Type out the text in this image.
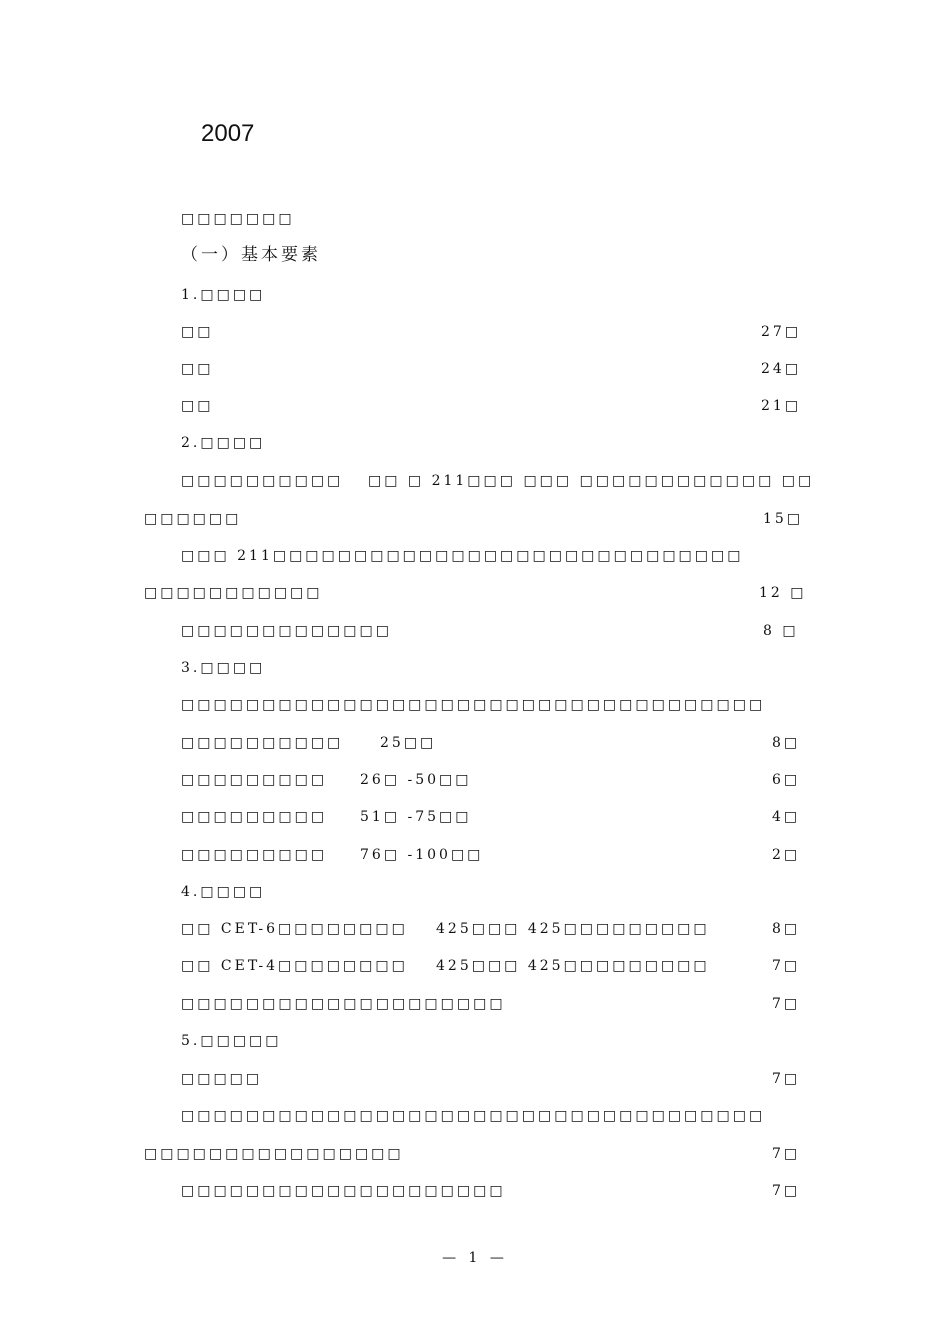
2007
□□□□□□□
（一）基本要素
1.□□□□
□□	27□
□□	24□
□□	21□
2.□□□□
□□□□□□□□□□ □□ □ 211□□□ □□□ □□□□□□□□□□□□ □□
□□□□□□	15□
□□□ 211□□□□□□□□□□□□□□□□□□□□□□□□□□□□□
□□□□□□□□□□□	12 □
□□□□□□□□□□□□□	8 □
3.□□□□
□□□□□□□□□□□□□□□□□□□□□□□□□□□□□□□□□□□□
□□□□□□□□□□	25□□	8□
□□□□□□□□□ 26□ -50□□	6□
□□□□□□□□□ 51□ -75□□	4□
□□□□□□□□□ 76□ -100□□	2□
4.□□□□
□□ CET-6□□□□□□□□ 425□□□ 425□□□□□□□□□	8□
□□ CET-4□□□□□□□□ 425□□□ 425□□□□□□□□□	7□
□□□□□□□□□□□□□□□□□□□□	7□
5.□□□□□
□□□□□	7□
□□□□□□□□□□□□□□□□□□□□□□□□□□□□□□□□□□□□
□□□□□□□□□□□□□□□□	7□
□□□□□□□□□□□□□□□□□□□□	7□
— 1 —
